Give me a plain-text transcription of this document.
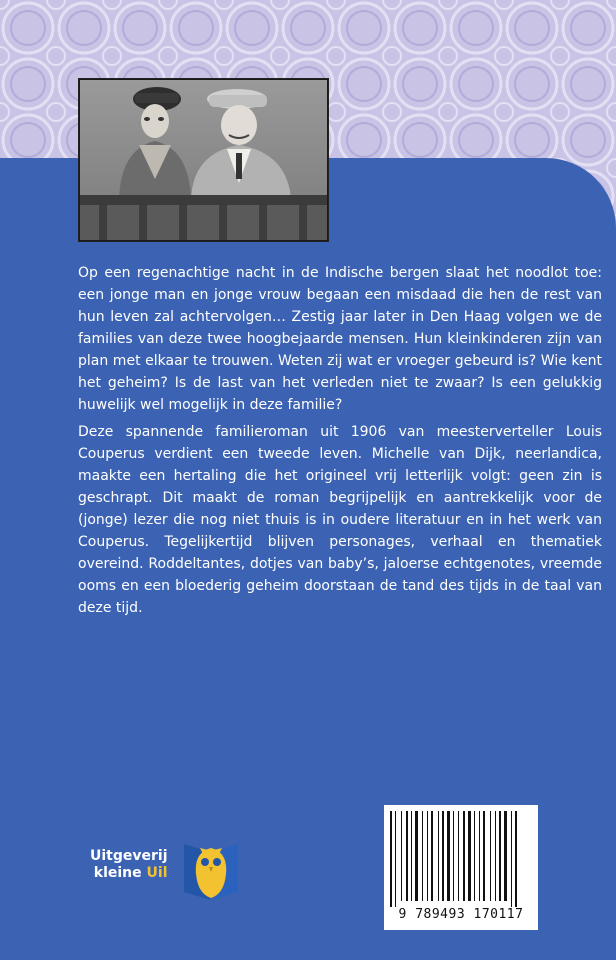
Op een regenachtige nacht in de Indische bergen slaat het noodlot toe: een jonge man en jonge vrouw begaan een misdaad die hen de rest van hun leven zal achtervolgen… Zestig jaar later in Den Haag volgen we de families van deze twee hoogbejaarde mensen. Hun kleinkinderen zijn van plan met elkaar te trouwen. Weten zij wat er vroeger gebeurd is? Wie kent het geheim? Is de last van het verleden niet te zwaar? Is een gelukkig huwelijk wel mogelijk in deze familie?

Deze spannende familieroman uit 1906 van meesterverteller Louis Couperus verdient een tweede leven. Michelle van Dijk, neerlandica, maakte een hertaling die het origineel vrij letterlijk volgt: geen zin is geschrapt. Dit maakt de roman begrijpelijk en aantrekkelijk voor de (jonge) lezer die nog niet thuis is in oudere literatuur en in het werk van Couperus. Tegelijkertijd blijven personages, verhaal en thematiek overeind. Roddeltantes, dotjes van baby’s, jaloerse echtgenotes, vreemde ooms en een bloederig geheim doorstaan de tand des tijds in de taal van deze tijd.

Uitgeverij
kleine Uil
9 789493 170117
